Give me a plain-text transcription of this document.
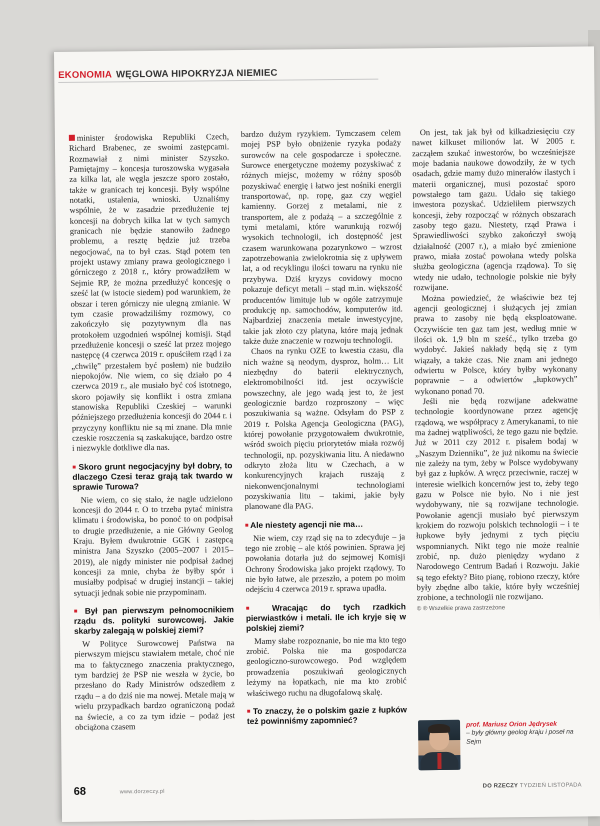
EKONOMIA WĘGLOWA HIPOKRYZJA NIEMIEC

minister środowiska Republiki Czech, Richard Brabenec, ze swoimi zastępcami. Rozmawiał z nimi minister Szyszko. Pamiętajmy – koncesja turoszowska wygasała za kilka lat, ale węgla jeszcze sporo zostało, także w granicach tej koncesji. Były wspólne notatki, ustalenia, wnioski. Uznaliśmy wspólnie, że w zasadzie przedłużenie tej koncesji na dobrych kilka lat w tych samych granicach nie będzie stanowiło żadnego problemu, a resztę będzie już trzeba negocjować, na to był czas. Stąd potem ten projekt ustawy zmiany prawa geologicznego i górniczego z 2018 r., który prowadziłem w Sejmie RP, że można przedłużyć koncesję o sześć lat (w istocie siedem) pod warunkiem, że obszar i teren górniczy nie ulegną zmianie. W tym czasie prowadziliśmy rozmowy, co zakończyło się pozytywnym dla nas protokołem uzgodnień wspólnej komisji. Stąd przedłużenie koncesji o sześć lat przez mojego następcę (4 czerwca 2019 r. opuściłem rząd i za „chwilę” przestałem być posłem) nie budziło niepokojów. Nie wiem, co się działo po 4 czerwca 2019 r., ale musiało być coś istotnego, skoro pojawiły się konflikt i ostra zmiana stanowiska Republiki Czeskiej – warunki późniejszego przedłużenia koncesji do 2044 r. i przyczyny konfliktu nie są mi znane. Dla mnie czeskie roszczenia są zaskakujące, bardzo ostre i niezwykle dotkliwe dla nas.

■ Skoro grunt negocjacyjny był dobry, to dlaczego Czesi teraz grają tak twardo w sprawie Turowa?

Nie wiem, co się stało, że nagle udzielono koncesji do 2044 r. O to trzeba pytać ministra klimatu i środowiska, bo ponoć to on podpisał to drugie przedłużenie, a nie Główny Geolog Kraju. Byłem dwukrotnie GGK i zastępcą ministra Jana Szyszko (2005–2007 i 2015–2019), ale nigdy minister nie podpisał żadnej koncesji za mnie, chyba że byłby spór i musiałby podpisać w drugiej instancji – takiej sytuacji jednak sobie nie przypominam.

■ Był pan pierwszym pełnomocnikiem rządu ds. polityki surowcowej. Jakie skarby zalegają w polskiej ziemi?

W Polityce Surowcowej Państwa na pierwszym miejscu stawiałem metale, choć nie ma to faktycznego znaczenia praktycznego, tym bardziej że PSP nie weszła w życie, bo przesłano do Rady Ministrów odszedłem z rządu – a do dziś nie ma nowej. Metale mają w wielu przypadkach bardzo ograniczoną podaż na świecie, a co za tym idzie – podaż jest obciążona czasem

bardzo dużym ryzykiem. Tymczasem celem mojej PSP było obniżenie ryzyka podaży surowców na cele gospodarcze i społeczne. Surowce energetyczne możemy pozyskiwać z różnych miejsc, możemy w różny sposób pozyskiwać energię i łatwo jest nośniki energii transportować, np. ropę, gaz czy węgiel kamienny. Gorzej z metalami, nie z transportem, ale z podażą – a szczególnie z tymi metalami, które warunkują rozwój wysokich technologii, ich dostępność jest czasem warunkowana pozarynkowo – wzrost zapotrzebowania zwielokrotnia się z upływem lat, a od recyklingu ilości towaru na rynku nie przybywa. Dziś kryzys covidowy mocno pokazuje deficyt metali – stąd m.in. większość producentów limituje lub w ogóle zatrzymuje produkcję np. samochodów, komputerów itd. Najbardziej znaczenia metale inwestycyjne, takie jak złoto czy platyna, które mają jednak także duże znaczenie w rozwoju technologii.

Chaos na rynku OZE to kwestia czasu, dla nich ważne są neodym, dysproz, holm… Lit niezbędny do baterii elektrycznych, elektromobilności itd. jest oczywiście powszechny, ale jego wadą jest to, że jest geologicznie bardzo rozproszony – więc poszukiwania są ważne. Odsyłam do PSP z 2019 r. Polska Agencja Geologiczna (PAG), której powołanie przygotowałem dwukrotnie, wśród swoich pięciu priorytetów miała rozwój technologii, np. pozyskiwania litu. A niedawno odkryto złoża litu w Czechach, a w konkurencyjnych krajach ruszają z niekonwencjonalnymi technologiami pozyskiwania litu – takimi, jakie były planowane dla PAG.

■ Ale niestety agencji nie ma…

Nie wiem, czy rząd się na to zdecyduje – ja tego nie zrobię – ale któś powinien. Sprawa jej powołania dotarła już do sejmowej Komisji Ochrony Środowiska jako projekt rządowy. To nie było łatwe, ale przeszło, a potem po moim odejściu 4 czerwca 2019 r. sprawa upadła.

■ Wracając do tych rzadkich pierwiastków i metali. Ile ich kryje się w polskiej ziemi?

Mamy słabe rozpoznanie, bo nie ma kto tego zrobić. Polska nie ma gospodarcza geologiczno-surowcowego. Pod względem prowadzenia poszukiwań geologicznych leżymy na łopatkach, nie ma kto zrobić właściwego ruchu na długofalową skalę.

■ To znaczy, że o polskim gazie z łupków też powinniśmy zapomnieć?

On jest, tak jak był od kilkadziesięciu czy nawet kilkuset milionów lat. W 2005 r. zacząłem szukać inwestorów, bo wcześniejsze moje badania naukowe dowodziły, że w tych osadach, gdzie mamy dużo minerałów ilastych i materii organicznej, musi pozostać sporo powstałego tam gazu. Udało się takiego inwestora pozyskać. Udzieliłem pierwszych koncesji, żeby rozpocząć w różnych obszarach zasoby tego gazu. Niestety, rząd Prawa i Sprawiedliwości szybko zakończył swoją działalność (2007 r.), a miało być zmienione prawo, miała zostać powołana wtedy polska służba geologiczna (agencja rządowa). To się wtedy nie udało, technologie polskie nie były rozwijane.

Można powiedzieć, że właściwie bez tej agencji geologicznej i służących jej zmian prawa to zasoby nie będą eksploatowane. Oczywiście ten gaz tam jest, według mnie w ilości ok. 1,9 bln m sześć., tylko trzeba go wydobyć. Jakieś nakłady będą się z tym wiązały, a także czas. Nie znam ani jednego odwiertu w Polsce, który byłby wykonany poprawnie – a odwiertów „łupkowych” wykonano ponad 70.

Jeśli nie będą rozwijane adekwatne technologie koordynowane przez agencję rządową, we współpracy z Amerykanami, to nie ma żadnej wątpliwości, że tego gazu nie będzie. Już w 2011 czy 2012 r. pisałem bodaj w „Naszym Dzienniku”, że już nikomu na świecie nie zależy na tym, żeby w Polsce wydobywany był gaz z łupków. A wręcz przeciwnie, raczej w interesie wielkich koncernów jest to, żeby tego gazu w Polsce nie było. No i nie jest wydobywany, nie są rozwijane technologie. Powołanie agencji musiało być pierwszym krokiem do rozwoju polskich technologii – i te łupkowe były jednymi z tych pięciu wspomnianych. Nikt tego nie może realnie zrobić, np. dużo pieniędzy wydano z Narodowego Centrum Badań i Rozwoju. Jakie są tego efekty? Bito pianę, robiono rzeczy, które były zbędne albo takie, które były wcześniej zrobione, a technologii nie rozwijano.

© ℗ Wszelkie prawa zastrzeżone

prof. Mariusz Orion Jędrysek
– były główny geolog kraju i poseł na Sejm
68	www.dorzeczy.pl
DO RZECZY TYDZIEŃ LISTOPADA
